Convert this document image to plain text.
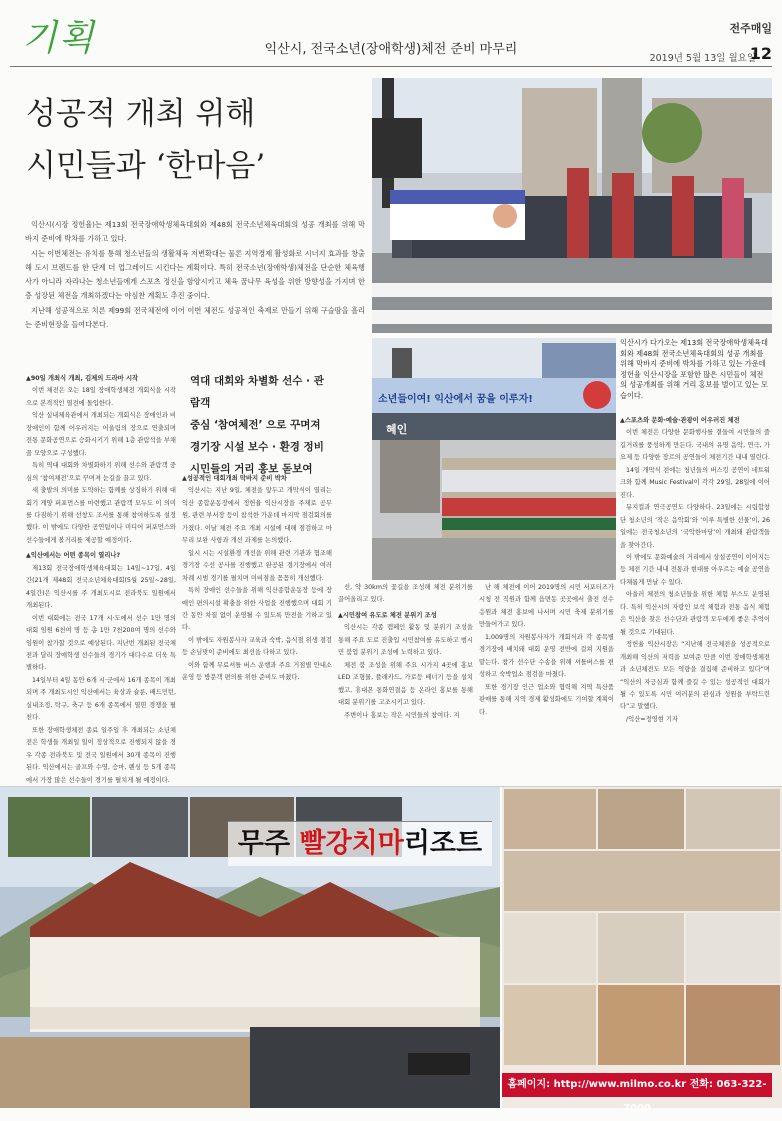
기획	익산시, 전국소년(장애학생)체전 준비 마무리
전주매일
2019년 5월 13일 월요일
12
성공적 개최 위해
시민들과 ‘한마음’

익산시(시장 정헌율)는 제13회 전국장애학생체육대회와 제48회 전국소년체육대회의 성공 개최를 위해 막바지 준비에 박차를 가하고 있다.

시는 이번체전는 유치를 통해 청소년들의 생활체육 저변확대는 물론 지역경제 활성화로 시너지 효과를 창출해 도시 브랜드를 한 단계 더 업그레이드 시킨다는 계획이다. 특히 전국소년(장애학생)체전을 단순한 체육행사가 아니라 자라나는 청소년들에게 스포츠 정신을 함양시키고 체육 꿈나무 육성을 위한 방향성을 가지며 한층 성장된 체전을 개최하겠다는 야심찬 계획도 추진 중이다.

지난해 성공적으로 치른 제99회 전국체전에 이어 이번 체전도 성공적인 축제로 만들기 위해 구슬땀을 흘리는 준비현장을 들여다본다.

소년들이여! 익산에서 꿈을 이루자!
혜인
익산시가 다가오는 제13회 전국장애학생체육대회와 제48회 전국소년체육대회의 성공 개최를 위해 막바지 준비에 박차를 가하고 있는 가운데 정헌율 익산시장을 포함한 많은 시민들이 체전의 성공개최를 위해 거리 홍보를 벌이고 있는 모습이다.
역대 대회와 차별화 선수 · 관람객
중심 ‘참여체전’ 으로 꾸며져
경기장 시설 보수 · 환경 정비
시민들의 거리 홍보 돋보여

▲90일 개최식 개최, 김제의 드라마 시작

이번 체전은 오는 18일 장애학생체전 개회식을 시작으로 본격적인 열전에 돌입한다.

익산 실내체육관에서 개최되는 개회식은 장애인과 비장애인이 함께 어우러지는 어울림의 장으로 연출되며 전통 문화공연으로 승화시키기 위해 1층 관람석을 부채꼴 모양으로 구성했다.

특히 역대 대회와 차별화하기 위해 선수와 관람객 중심의 ‘참여체전’으로 꾸며져 눈길을 끌고 있다.

새 출발의 의미를 도약하는 함께를 상징하기 위해 대회기 게양 퍼포먼스를 마련했고 관람객 모두도 이 의미를 다짐하기 위해 선창도 조서를 통해 참여하도록 설정했다. 이 밖에도 다양한 공연팀이나 미디어 퍼포먼스와 선수들에게 볼거리를 제공할 예정이다.

▲익산에서는 어떤 종목이 열리나?

제13회 전국장애학생체육대회는 14일~17일, 4일간(21개 제48회 전국소년체육대회(5월 25일~28일, 4일간)은 익산시를 주 개최도시로 전라북도 일원에서 개최된다.

이번 대회에는 전국 17개 시·도에서 선수 1만 명의 대회 임원 6천여 명 등 총 1만 7천200여 명의 선수와 임원이 참가할 것으로 예상된다. 지난번 개최된 전국체전과 달리 장애학생 선수들의 경기가 대다수로 더욱 특별하다.

14일부터 4일 동안 6개 시·군에서 16개 종목이 개최되며 주 개최도시인 익산에서는 육상과 슐룬, 배드민턴, 실내조정, 탁구, 축구 등 6개 종목에서 열띤 경쟁을 펼친다.

또한 장애학생체전 종료 일주일 후 개최되는 소년체전은 학생들 개최일 일이 정상적으로 진행되지 않을 경우 각종 전라북도 및 전국 일원에서 30개 종목이 진행된다. 익산에서는 골프와 수영, 승마, 펜싱 등 5개 종목에서 가장 많은 선수들이 경기를 펼치게 될 예정이다.

▲성공적인 대회개최 막바지 준비 박차

익산시는 지난 9일, 체전을 앞두고 개막식이 열리는 익산 종합운동장에서 정헌율 익산시장을 주재로 공무원, 관련 부서장 등이 참석한 가운데 마지막 점검회의를 가졌다. 이날 체전 주요 개최 시설에 대해 점검하고 마무리 보완 사항과 개선 과제를 논의했다.

일시 시는 시설환경 개선을 위해 관련 기관과 협조해 경기장 수선 공사를 진행했고 완공된 경기장에서 여러 차례 시범 경기를 펼치며 미비점을 꼼꼼히 개선했다.

특히 장애인 선수들을 위해 익산종합운동장 등에 장애인 편의시설 확충을 위한 사업을 진행했으며 대회 기간 동안 차질 없이 운영될 수 있도록 만전을 기하고 있다.

이 밖에도 자원봉사자 교육과 숙박, 음식점 위생 점검 등 손님맞이 준비에도 최선을 다하고 있다.

이와 함께 무료셔틀 버스 운행과 주요 거점별 안내소 운영 등 방문객 편의를 위한 준비도 마쳤다.

선, 약 30km의 꽃길을 조성해 체전 분위기를 끌어올리고 있다.

▲시민참여 유도로 체전 분위기 조성

익산시는 각종 캠페인 활동 및 분위기 조성을 통해 주요 도로 진출입 시민참여를 유도하고 범시민 붐업 분위기 조성에 노력하고 있다.

체전 붐 조성을 위해 주요 시가지 4곳에 홍보 LED 조형물, 플래카드, 가로등 배너기 등을 설치했고, 휴대폰 통화연결음 등 온라인 홍보를 통해 대회 분위기를 고조시키고 있다.

주변이나 홍보는 작은 시민들의 참여다. 지

난 해 체전에 이어 2019명의 시민 서포터즈가 시청 전 직원과 함께 읍면동 곳곳에서 출전 선수 응원과 체전 홍보에 나서며 시민 축제 분위기를 만들어가고 있다.

1,009명의 자원봉사자가 개회식과 각 종목별 경기장에 배치돼 대회 운영 전반에 걸쳐 지원을 맡는다. 참가 선수단 수송을 위해 셔틀버스를 편성하고 숙박업소 점검을 마쳤다.

또한 경기장 인근 업소와 협력해 지역 특산품 판매를 통해 지역 경제 활성화에도 기여할 계획이다.

▲스포츠와 문화·예술·관광이 어우러진 체전

이번 체전은 다양한 문화행사를 곁들여 시민들의 즐길거리를 풍성하게 만든다. 국내의 유명 음악, 연극, 가요제 등 다양한 장르의 공연들이 체전기간 내내 열린다.

14일 개막식 전에는 청년들의 버스킹 공연이 네트워크와 함께 Music Festival이 각각 29일, 28일에 이어진다.

뮤지컬과 연극공연도 다양하다. 23일에는 시립합창단 청소년의 ‘작은 음악회’와 ‘이루 특별한 선물’이, 26일에는 전국청소년의 ‘국악한마당’이 개최돼 관람객들을 찾아간다.

이 밖에도 문화예술의 거리에서 상설공연이 이어지는 등 체전 기간 내내 전통과 현대를 아우르는 예술 공연을 다채롭게 만날 수 있다.

아울러 체전의 청소년들을 위한 체험 부스도 운영된다. 특히 익산시의 자랑인 보석 체험과 전통 음식 체험은 익산을 찾은 선수단과 관람객 모두에게 좋은 추억이 될 것으로 기대된다.

정헌율 익산시장은 “지난해 전국체전을 성공적으로 개최해 익산의 저력을 보여준 만큼 이번 장애학생체전과 소년체전도 모든 역량을 결집해 준비하고 있다”며 “익산의 자긍심과 함께 즐길 수 있는 성공적인 대회가 될 수 있도록 시민 여러분의 관심과 성원을 부탁드린다”고 말했다.

/익산=정영현 기자

무주 빨강치마리조트
홈페이지: http://www.milmo.co.kr 전화: 063-322-7000
